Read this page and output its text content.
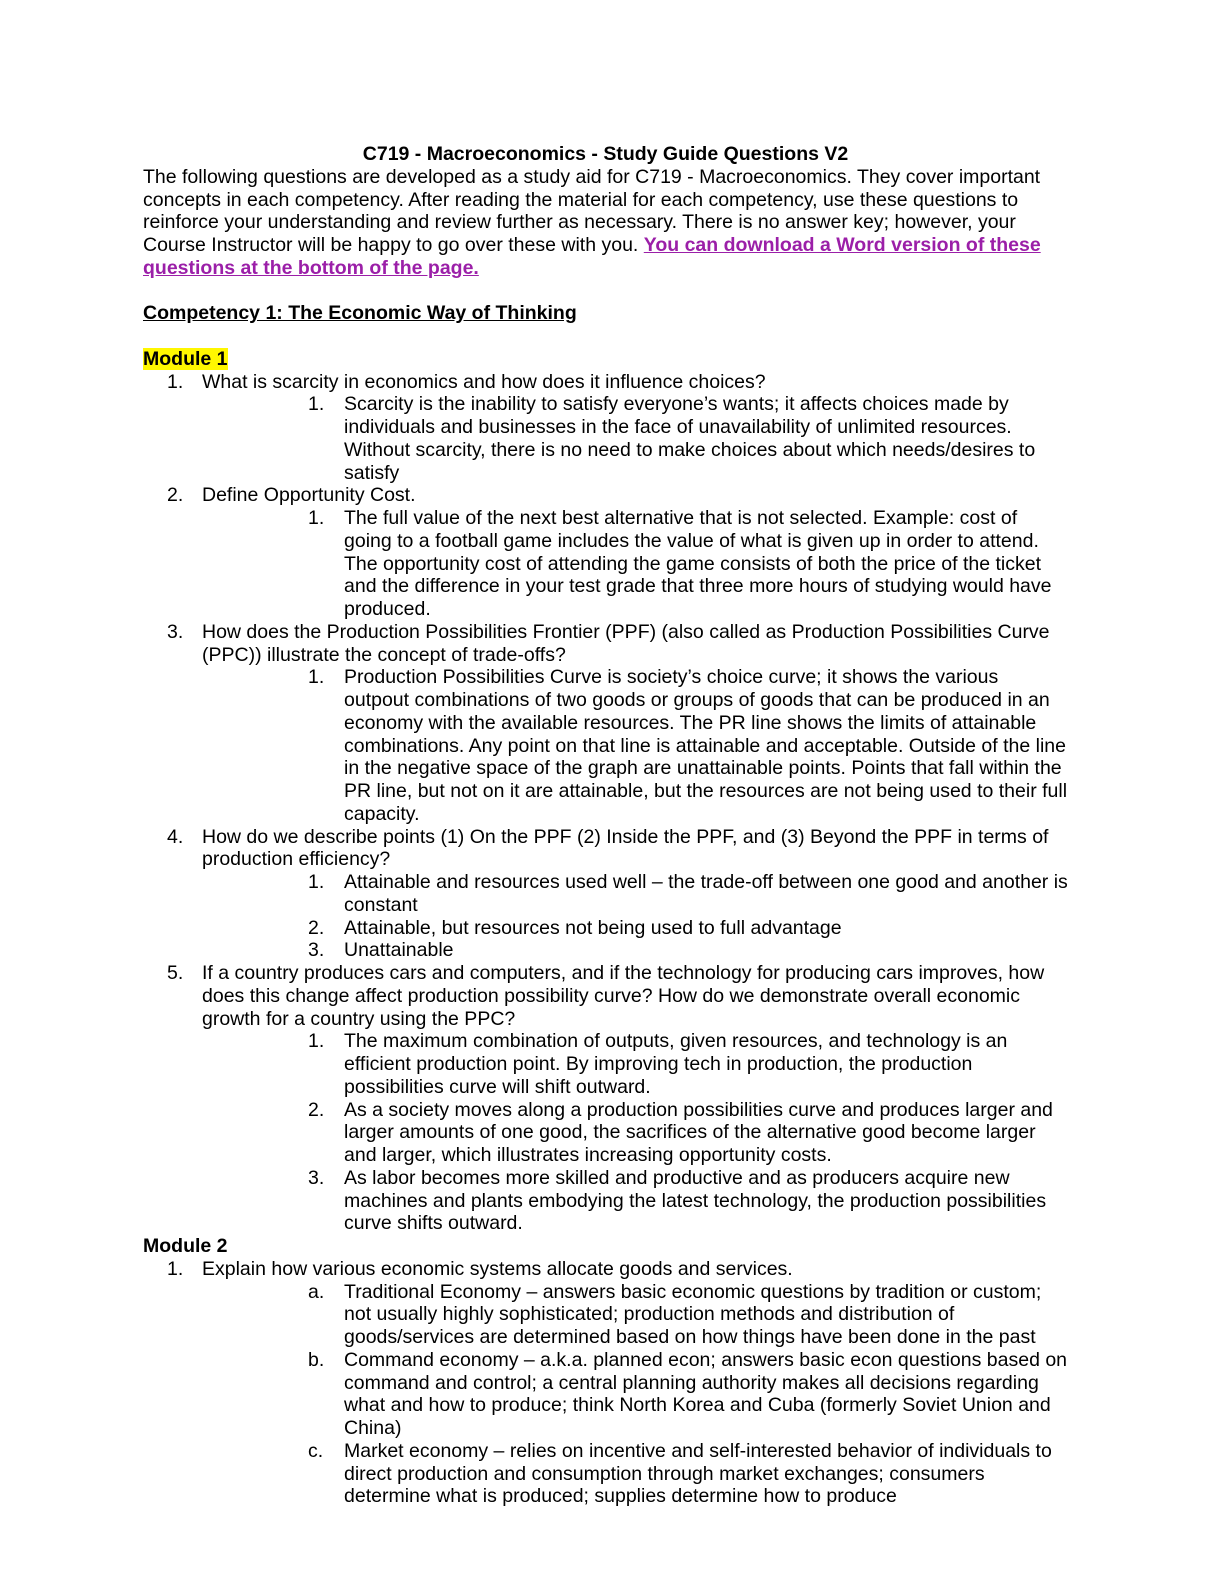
C719 - Macroeconomics - Study Guide Questions V2

The following questions are developed as a study aid for C719 - Macroeconomics. They cover important concepts in each competency. After reading the material for each competency, use these questions to reinforce your understanding and review further as necessary. There is no answer key; however, your Course Instructor will be happy to go over these with you. You can download a Word version of these questions at the bottom of the page.

Competency 1: The Economic Way of Thinking
Module 1
1. What is scarcity in economics and how does it influence choices?
1. Scarcity is the inability to satisfy everyone’s wants; it affects choices made by individuals and businesses in the face of unavailability of unlimited resources. Without scarcity, there is no need to make choices about which needs/desires to satisfy
2. Define Opportunity Cost.
1. The full value of the next best alternative that is not selected. Example: cost of going to a football game includes the value of what is given up in order to attend. The opportunity cost of attending the game consists of both the price of the ticket and the difference in your test grade that three more hours of studying would have produced.
3. How does the Production Possibilities Frontier (PPF) (also called as Production Possibilities Curve (PPC)) illustrate the concept of trade-offs?
1. Production Possibilities Curve is society’s choice curve; it shows the various outpout combinations of two goods or groups of goods that can be produced in an economy with the available resources. The PR line shows the limits of attainable combinations. Any point on that line is attainable and acceptable. Outside of the line in the negative space of the graph are unattainable points. Points that fall within the PR line, but not on it are attainable, but the resources are not being used to their full capacity.
4. How do we describe points (1) On the PPF (2) Inside the PPF, and (3) Beyond the PPF in terms of production efficiency?
1. Attainable and resources used well – the trade-off between one good and another is constant
2. Attainable, but resources not being used to full advantage
3. Unattainable
5. If a country produces cars and computers, and if the technology for producing cars improves, how does this change affect production possibility curve? How do we demonstrate overall economic growth for a country using the PPC?
1. The maximum combination of outputs, given resources, and technology is an efficient production point. By improving tech in production, the production possibilities curve will shift outward.
2. As a society moves along a production possibilities curve and produces larger and larger amounts of one good, the sacrifices of the alternative good become larger and larger, which illustrates increasing opportunity costs.
3. As labor becomes more skilled and productive and as producers acquire new machines and plants embodying the latest technology, the production possibilities curve shifts outward.
Module 2
1. Explain how various economic systems allocate goods and services.
a. Traditional Economy – answers basic economic questions by tradition or custom; not usually highly sophisticated; production methods and distribution of goods/services are determined based on how things have been done in the past
b. Command economy – a.k.a. planned econ; answers basic econ questions based on command and control; a central planning authority makes all decisions regarding what and how to produce; think North Korea and Cuba (formerly Soviet Union and China)
c. Market economy – relies on incentive and self-interested behavior of individuals to direct production and consumption through market exchanges; consumers determine what is produced; supplies determine how to produce
